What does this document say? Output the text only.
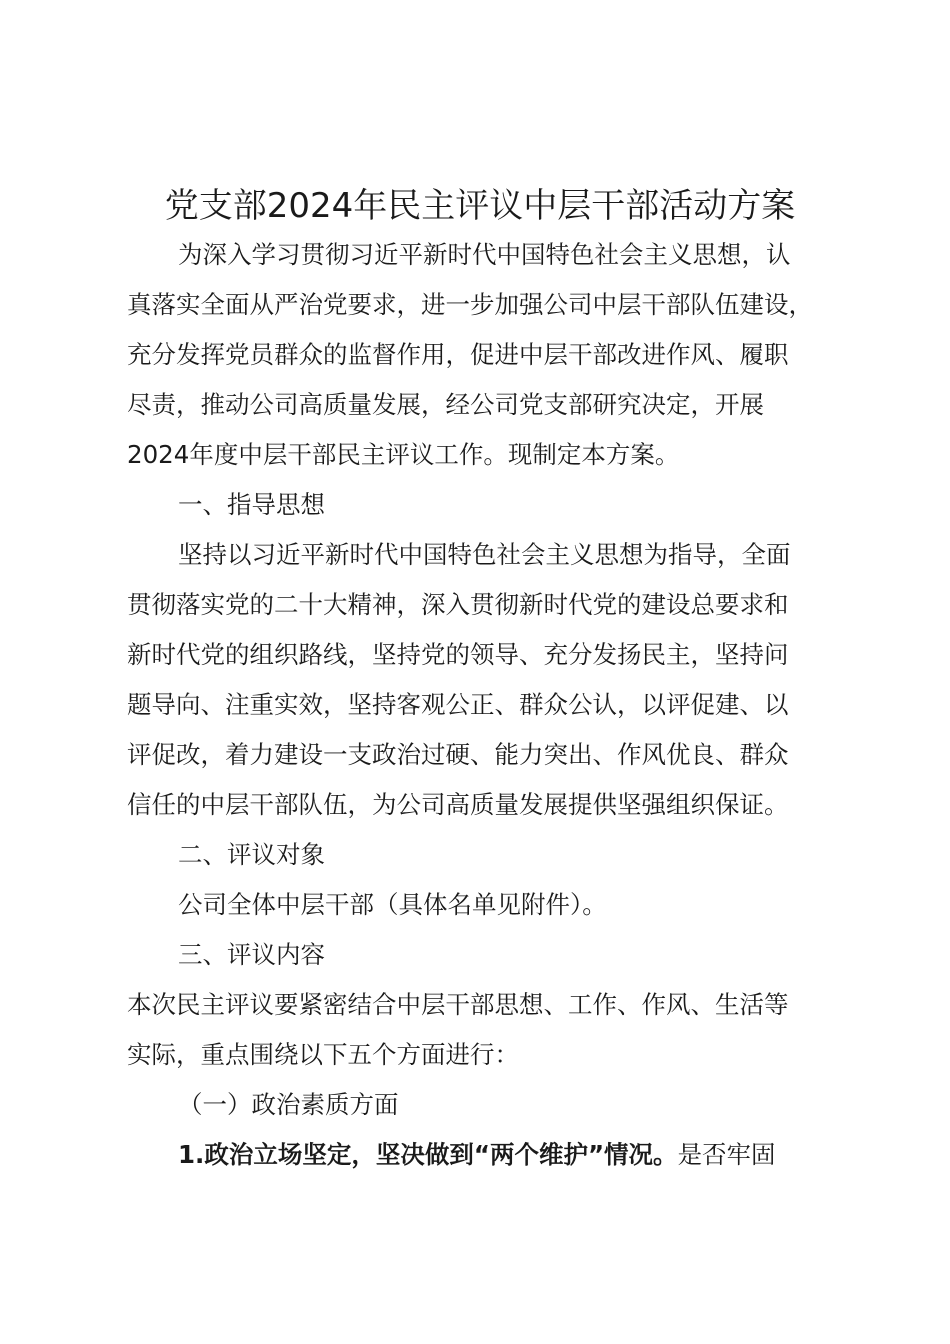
党支部2024年民主评议中层干部活动方案
为深入学习贯彻习近平新时代中国特色社会主义思想，认
真落实全面从严治党要求，进一步加强公司中层干部队伍建设，
充分发挥党员群众的监督作用，促进中层干部改进作风、履职
尽责，推动公司高质量发展，经公司党支部研究决定，开展
2024年度中层干部民主评议工作。现制定本方案。
一、指导思想
坚持以习近平新时代中国特色社会主义思想为指导，全面
贯彻落实党的二十大精神，深入贯彻新时代党的建设总要求和
新时代党的组织路线，坚持党的领导、充分发扬民主，坚持问
题导向、注重实效，坚持客观公正、群众公认，以评促建、以
评促改，着力建设一支政治过硬、能力突出、作风优良、群众
信任的中层干部队伍，为公司高质量发展提供坚强组织保证。
二、评议对象
公司全体中层干部（具体名单见附件）。
三、评议内容
本次民主评议要紧密结合中层干部思想、工作、作风、生活等
实际，重点围绕以下五个方面进行：
（一）政治素质方面
1.政治立场坚定，坚决做到“两个维护”情况。是否牢固
